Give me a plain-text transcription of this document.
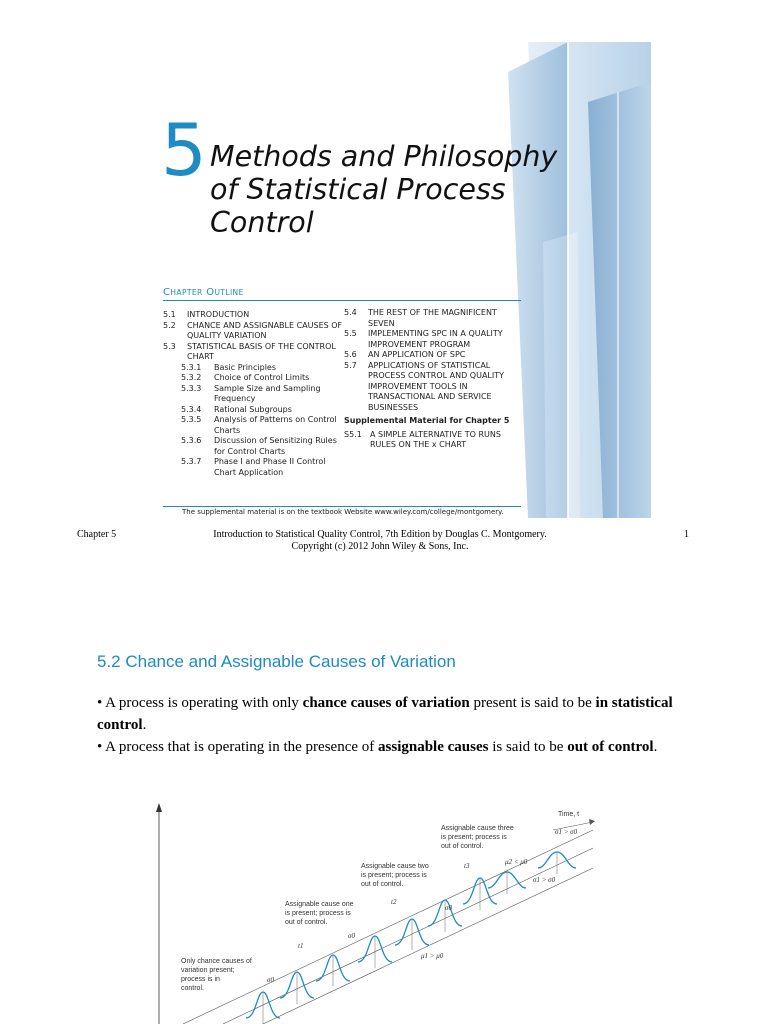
5 Methods and Philosophy
of Statistical Process
Control
CHAPTER OUTLINE
5.1	INTRODUCTION
5.2	CHANCE AND ASSIGNABLE CAUSES OF QUALITY VARIATION
5.3	STATISTICAL BASIS OF THE CONTROL CHART
5.3.1	Basic Principles
5.3.2	Choice of Control Limits
5.3.3	Sample Size and Sampling Frequency
5.3.4	Rational Subgroups
5.3.5	Analysis of Patterns on Control Charts
5.3.6	Discussion of Sensitizing Rules for Control Charts
5.3.7	Phase I and Phase II Control Chart Application
5.4	THE REST OF THE MAGNIFICENT SEVEN
5.5	IMPLEMENTING SPC IN A QUALITY IMPROVEMENT PROGRAM
5.6	AN APPLICATION OF SPC
5.7	APPLICATIONS OF STATISTICAL PROCESS CONTROL AND QUALITY IMPROVEMENT TOOLS IN TRANSACTIONAL AND SERVICE BUSINESSES
Supplemental Material for Chapter 5
S5.1	A SIMPLE ALTERNATIVE TO RUNS RULES ON THE x CHART
The supplemental material is on the textbook Website www.wiley.com/college/montgomery.
Chapter 5	Introduction to Statistical Quality Control, 7th Edition by Douglas C. Montgomery.
Copyright (c) 2012 John Wiley & Sons, Inc.
1
5.2 Chance and Assignable Causes of Variation
• A process is operating with only chance causes of variation present is said to be in statistical control.
• A process that is operating in the presence of assignable causes is said to be out of control.
Time, t
Assignable cause three
is present; process is
out of control.
Assignable cause two
is present; process is
out of control.
Assignable cause one
is present; process is
out of control.
Only chance causes of
variation present;
process is in
control.
σ1 > σ0
μ2 < μ0
σ1 > σ0
μ1 > μ0
t1
t2
t3
σ0
σ0
σ0
